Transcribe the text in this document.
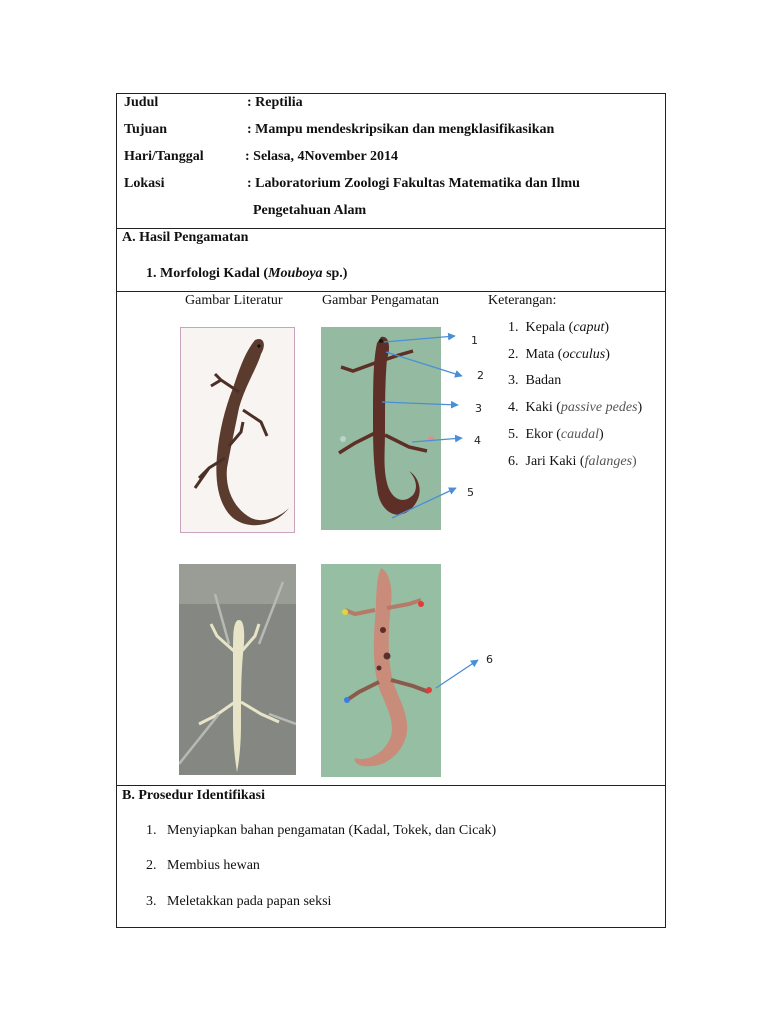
Judul	: Reptilia
Tujuan	: Mampu mendeskripsikan dan mengklasifikasikan
Hari/Tanggal	: Selasa, 4November 2014
Lokasi	: Laboratorium Zoologi Fakultas Matematika dan Ilmu
Pengetahuan Alam
A. Hasil Pengamatan
1. Morfologi Kadal (Mouboya sp.)
Gambar Literatur	Gambar Pengamatan	Keterangan:
1. Kepala (caput)
2. Mata (occulus)
3. Badan
4. Kaki (passive pedes)
5. Ekor (caudal)
6. Jari Kaki (falanges)
1
2
3
4
5
6
B. Prosedur Identifikasi
1. Menyiapkan bahan pengamatan (Kadal, Tokek, dan Cicak)
2. Membius hewan
3. Meletakkan pada papan seksi
